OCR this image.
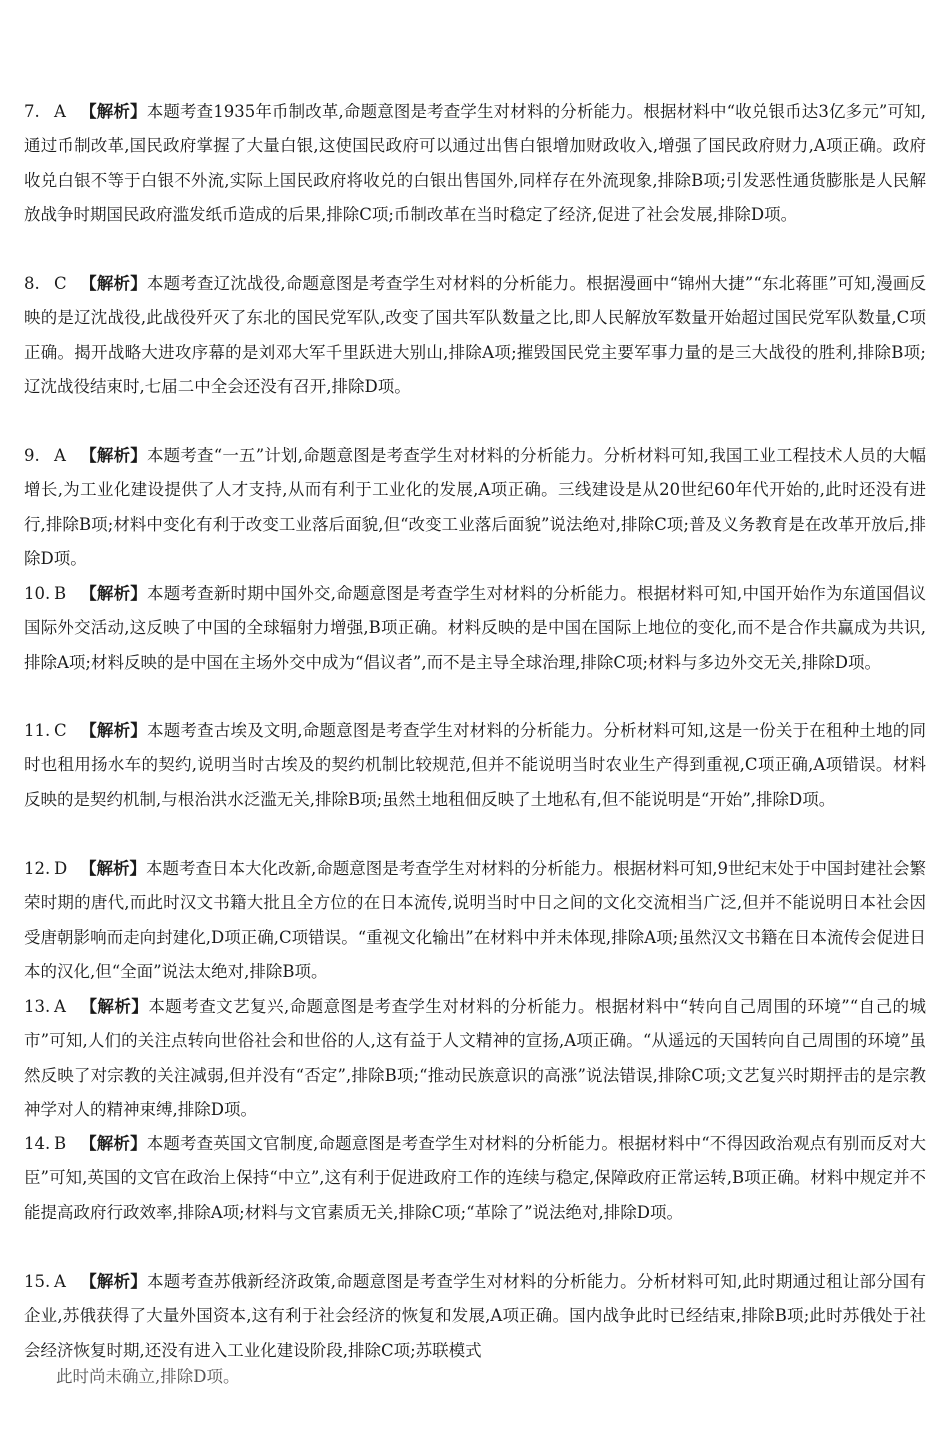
7. A 【解析】本题考查1935年币制改革,命题意图是考查学生对材料的分析能力。根据材料中“收兑银币达3亿多元”可知,通过币制改革,国民政府掌握了大量白银,这使国民政府可以通过出售白银增加财政收入,增强了国民政府财力,A项正确。政府收兑白银不等于白银不外流,实际上国民政府将收兑的白银出售国外,同样存在外流现象,排除B项;引发恶性通货膨胀是人民解放战争时期国民政府滥发纸币造成的后果,排除C项;币制改革在当时稳定了经济,促进了社会发展,排除D项。
8. C 【解析】本题考查辽沈战役,命题意图是考查学生对材料的分析能力。根据漫画中“锦州大捷”“东北蒋匪”可知,漫画反映的是辽沈战役,此战役歼灭了东北的国民党军队,改变了国共军队数量之比,即人民解放军数量开始超过国民党军队数量,C项正确。揭开战略大进攻序幕的是刘邓大军千里跃进大别山,排除A项;摧毁国民党主要军事力量的是三大战役的胜利,排除B项;辽沈战役结束时,七届二中全会还没有召开,排除D项。
9. A 【解析】本题考查“一五”计划,命题意图是考查学生对材料的分析能力。分析材料可知,我国工业工程技术人员的大幅增长,为工业化建设提供了人才支持,从而有利于工业化的发展,A项正确。三线建设是从20世纪60年代开始的,此时还没有进行,排除B项;材料中变化有利于改变工业落后面貌,但“改变工业落后面貌”说法绝对,排除C项;普及义务教育是在改革开放后,排除D项。
10. B 【解析】本题考查新时期中国外交,命题意图是考查学生对材料的分析能力。根据材料可知,中国开始作为东道国倡议国际外交活动,这反映了中国的全球辐射力增强,B项正确。材料反映的是中国在国际上地位的变化,而不是合作共赢成为共识,排除A项;材料反映的是中国在主场外交中成为“倡议者”,而不是主导全球治理,排除C项;材料与多边外交无关,排除D项。
11. C 【解析】本题考查古埃及文明,命题意图是考查学生对材料的分析能力。分析材料可知,这是一份关于在租种土地的同时也租用扬水车的契约,说明当时古埃及的契约机制比较规范,但并不能说明当时农业生产得到重视,C项正确,A项错误。材料反映的是契约机制,与根治洪水泛滥无关,排除B项;虽然土地租佃反映了土地私有,但不能说明是“开始”,排除D项。
12. D 【解析】本题考查日本大化改新,命题意图是考查学生对材料的分析能力。根据材料可知,9世纪末处于中国封建社会繁荣时期的唐代,而此时汉文书籍大批且全方位的在日本流传,说明当时中日之间的文化交流相当广泛,但并不能说明日本社会因受唐朝影响而走向封建化,D项正确,C项错误。“重视文化输出”在材料中并未体现,排除A项;虽然汉文书籍在日本流传会促进日本的汉化,但“全面”说法太绝对,排除B项。
13. A 【解析】本题考查文艺复兴,命题意图是考查学生对材料的分析能力。根据材料中“转向自己周围的环境”“自己的城市”可知,人们的关注点转向世俗社会和世俗的人,这有益于人文精神的宣扬,A项正确。“从遥远的天国转向自己周围的环境”虽然反映了对宗教的关注减弱,但并没有“否定”,排除B项;“推动民族意识的高涨”说法错误,排除C项;文艺复兴时期抨击的是宗教神学对人的精神束缚,排除D项。
14. B 【解析】本题考查英国文官制度,命题意图是考查学生对材料的分析能力。根据材料中“不得因政治观点有别而反对大臣”可知,英国的文官在政治上保持“中立”,这有利于促进政府工作的连续与稳定,保障政府正常运转,B项正确。材料中规定并不能提高政府行政效率,排除A项;材料与文官素质无关,排除C项;“革除了”说法绝对,排除D项。
15. A 【解析】本题考查苏俄新经济政策,命题意图是考查学生对材料的分析能力。分析材料可知,此时期通过租让部分国有企业,苏俄获得了大量外国资本,这有利于社会经济的恢复和发展,A项正确。国内战争此时已经结束,排除B项;此时苏俄处于社会经济恢复时期,还没有进入工业化建设阶段,排除C项;苏联模式
此时尚未确立,排除D项。
